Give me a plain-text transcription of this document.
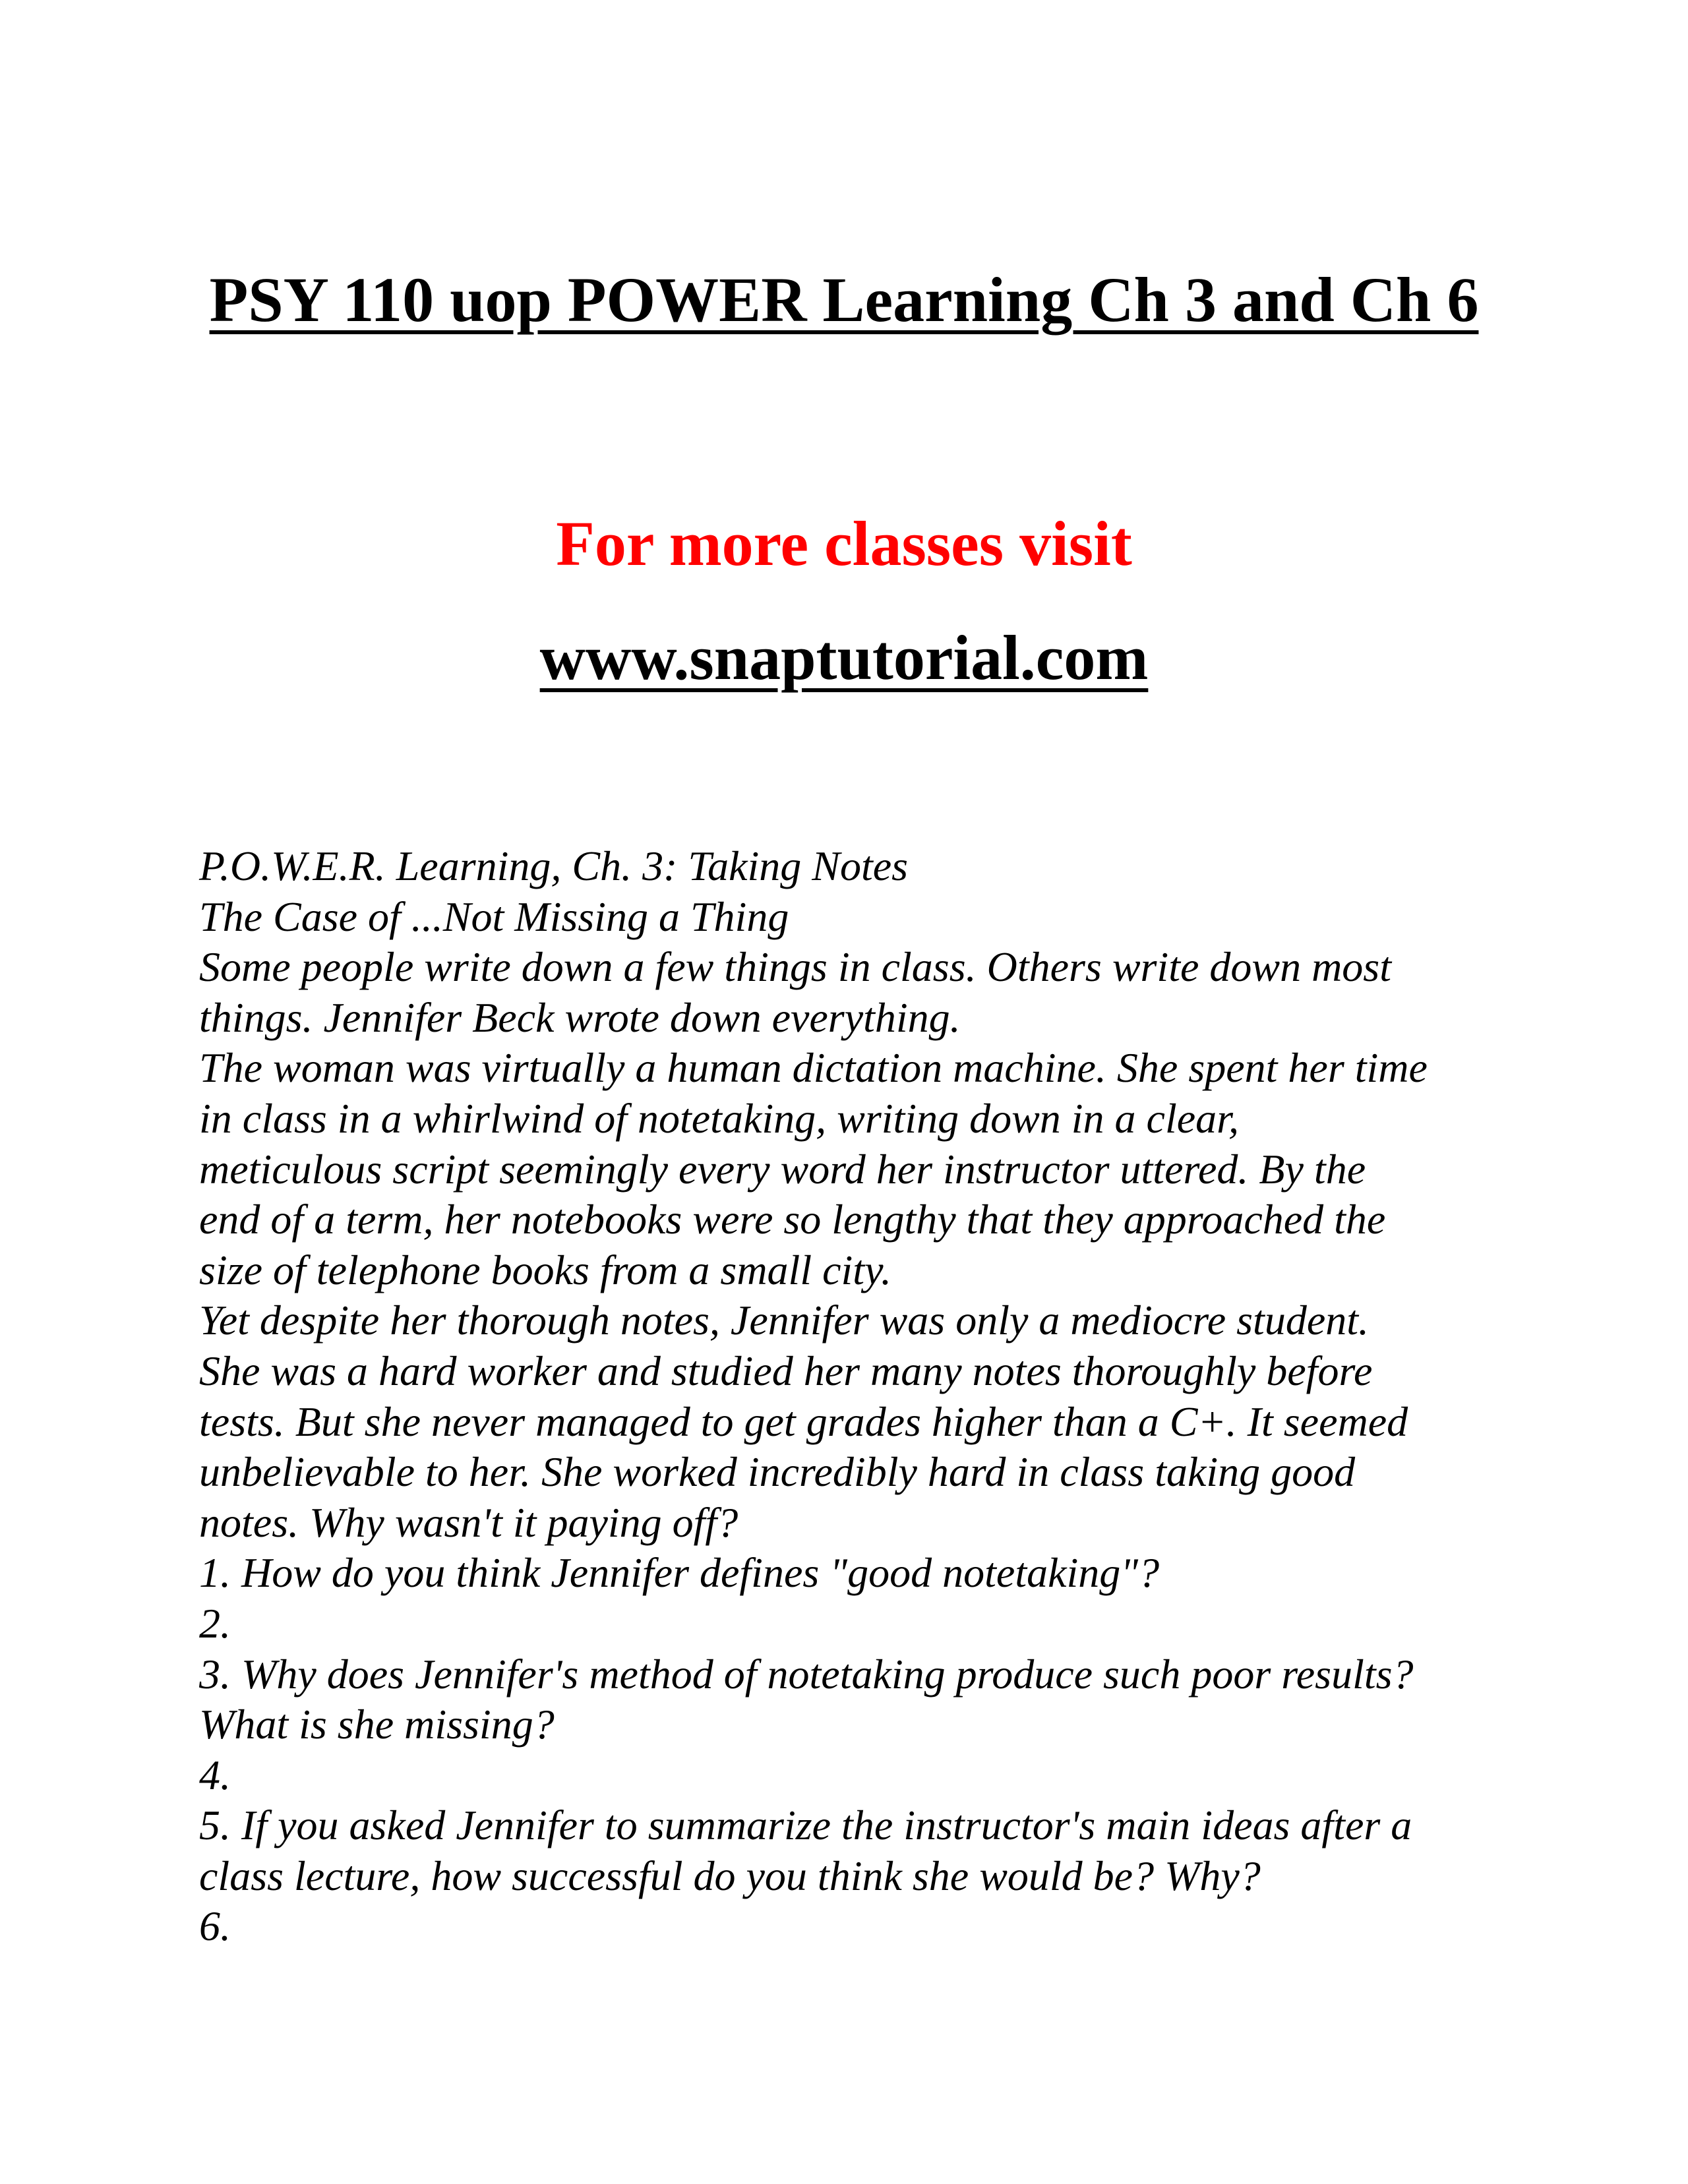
PSY 110 uop POWER Learning Ch 3 and Ch 6

For more classes visit

www.snaptutorial.com

P.O.W.E.R. Learning, Ch. 3: Taking Notes
The Case of ...Not Missing a Thing
Some people write down a few things in class. Others write down most
things. Jennifer Beck wrote down everything.
The woman was virtually a human dictation machine. She spent her time
in class in a whirlwind of notetaking, writing down in a clear,
meticulous script seemingly every word her instructor uttered. By the
end of a term, her notebooks were so lengthy that they approached the
size of telephone books from a small city.
Yet despite her thorough notes, Jennifer was only a mediocre student.
She was a hard worker and studied her many notes thoroughly before
tests. But she never managed to get grades higher than a C+. It seemed
unbelievable to her. She worked incredibly hard in class taking good
notes. Why wasn't it paying off?
1. How do you think Jennifer defines "good notetaking"?
2.
3. Why does Jennifer's method of notetaking produce such poor results?
What is she missing?
4.
5. If you asked Jennifer to summarize the instructor's main ideas after a
class lecture, how successful do you think she would be? Why?
6.
